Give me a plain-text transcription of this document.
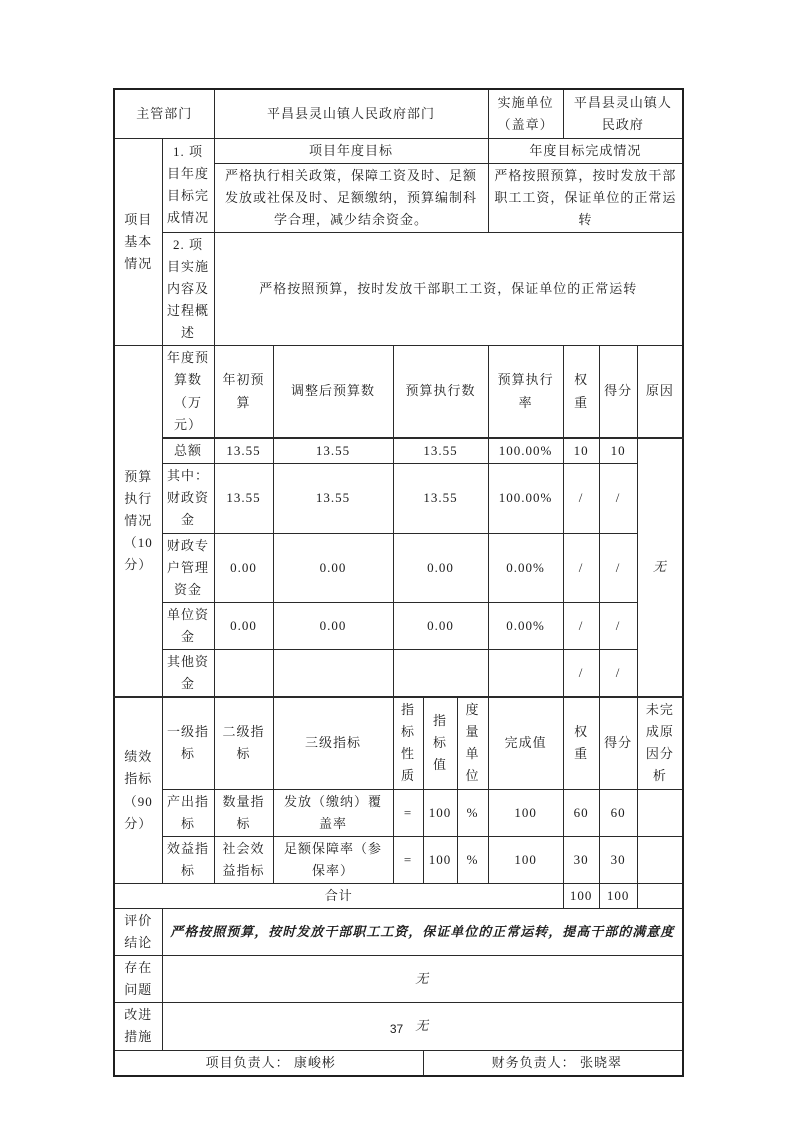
主管部门		平昌县灵山镇人民政府部门					实施单位（盖章）	平昌县灵山镇人民政府		
项目基本情况	1. 项目年度目标完成情况	项目年度目标					年度目标完成情况			
		严格执行相关政策，保障工资及时、足额发放或社保及时、足额缴纳，预算编制科学合理，减少结余资金。					严格按照预算，按时发放干部职工工资，保证单位的正常运转			
	2. 项目实施内容及过程概述	严格按照预算，按时发放干部职工工资，保证单位的正常运转								
预算执行情况（10分）	年度预算数（万元）	年初预算	调整后预算数	预算执行数			预算执行率	权重	得分	原因
	总额	13.55	13.55	13.55			100.00%	10	10	无
	其中：财政资金	13.55	13.55	13.55			100.00%	/	/	
	财政专户管理资金	0.00	0.00	0.00			0.00%	/	/	
	单位资金	0.00	0.00	0.00			0.00%	/	/	
	其他资金							/	/	
绩效指标（90分）	一级指标	二级指标	三级指标	指标性质	指标值	度量单位	完成值	权重	得分	未完成原因分析
	产出指标	数量指标	发放（缴纳）覆盖率	=	100	%	100	60	60	
	效益指标	社会效益指标	足额保障率（参保率）	=	100	%	100	30	30	
合计								100	100	
评价结论	严格按照预算，按时发放干部职工工资，保证单位的正常运转，提高干部的满意度									
存在问题	无									
改进措施	无									
项目负责人： 康峻彬					财务负责人： 张晓翠					
37
